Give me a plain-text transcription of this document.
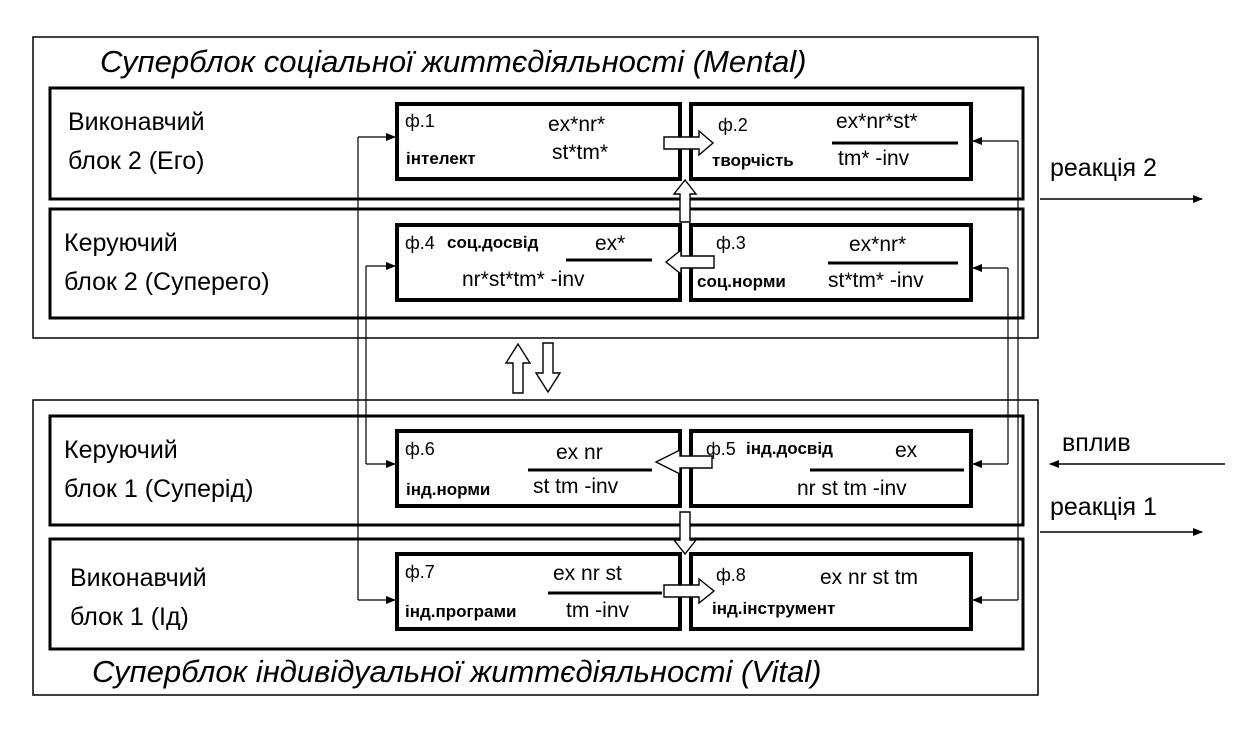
Суперблок соціальної життєдіяльності (Mental)
Суперблок індивідуальної життєдіяльності (Vital)
Виконавчий
блок 2 (Его)
Керуючий
блок 2 (Суперего)
Керуючий
блок 1 (Суперід)
Виконавчий
блок 1 (Ід)
ф.1
інтелект
ex*nr*
st*tm*
ф.2
творчість
ex*nr*st*
tm* -inv
ф.4 соц.досвід	ex*
nr*st*tm* -inv
ф.3
соц.норми
ex*nr*
st*tm* -inv
ф.6
інд.норми
ex nr
st tm -inv
ф.5 інд.досвід	ex
nr st tm -inv
ф.7
інд.програми
ex nr st
tm -inv
ф.8
інд.інструмент
ex nr st tm
реакція 2
вплив
реакція 1
